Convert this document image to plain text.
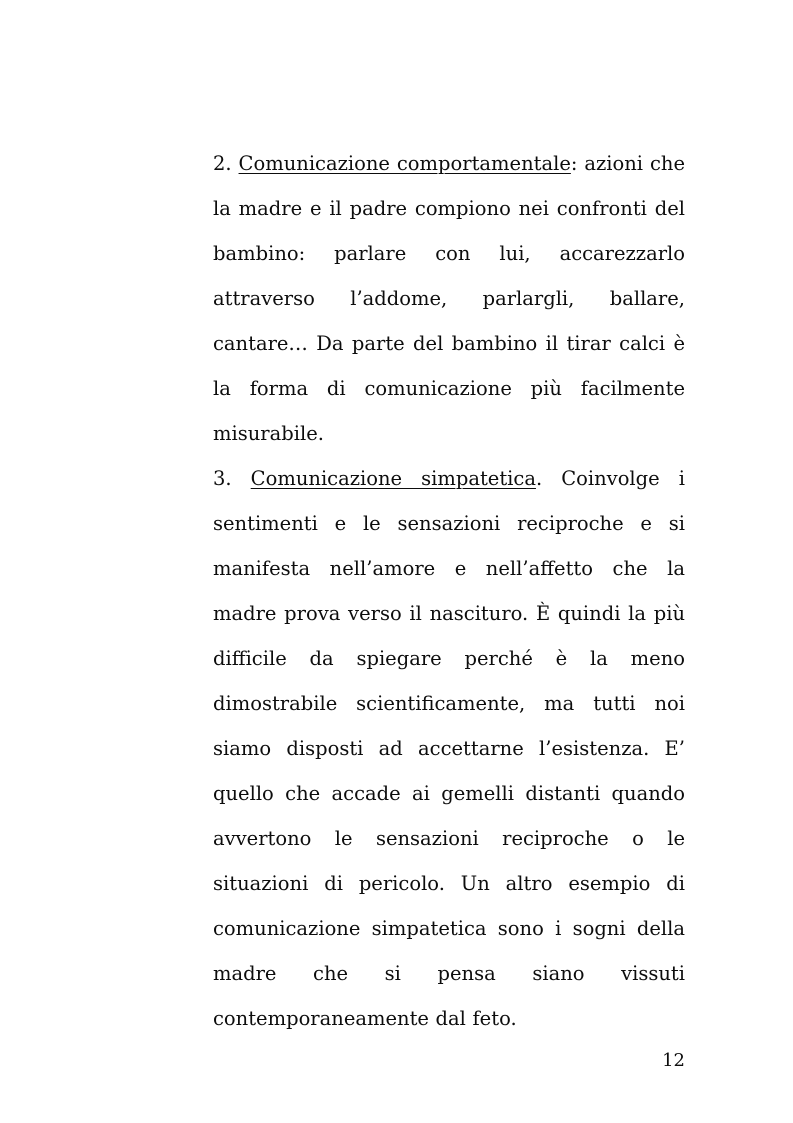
2. Comunicazione comportamentale: azioni che la madre e il padre compiono nei confronti del bambino: parlare con lui, accarezzarlo attraverso l’addome, parlargli, ballare, cantare… Da parte del bambino il tirar calci è la forma di comunicazione più facilmente misurabile.

3. Comunicazione simpatetica. Coinvolge i sentimenti e le sensazioni reciproche e si manifesta nell’amore e nell’affetto che la madre prova verso il nascituro. È quindi la più difficile da spiegare perché è la meno dimostrabile scientificamente, ma tutti noi siamo disposti ad accettarne l’esistenza. E’ quello che accade ai gemelli distanti quando avvertono le sensazioni reciproche o le situazioni di pericolo. Un altro esempio di comunicazione simpatetica sono i sogni della madre che si pensa siano vissuti contemporaneamente dal feto.

12
